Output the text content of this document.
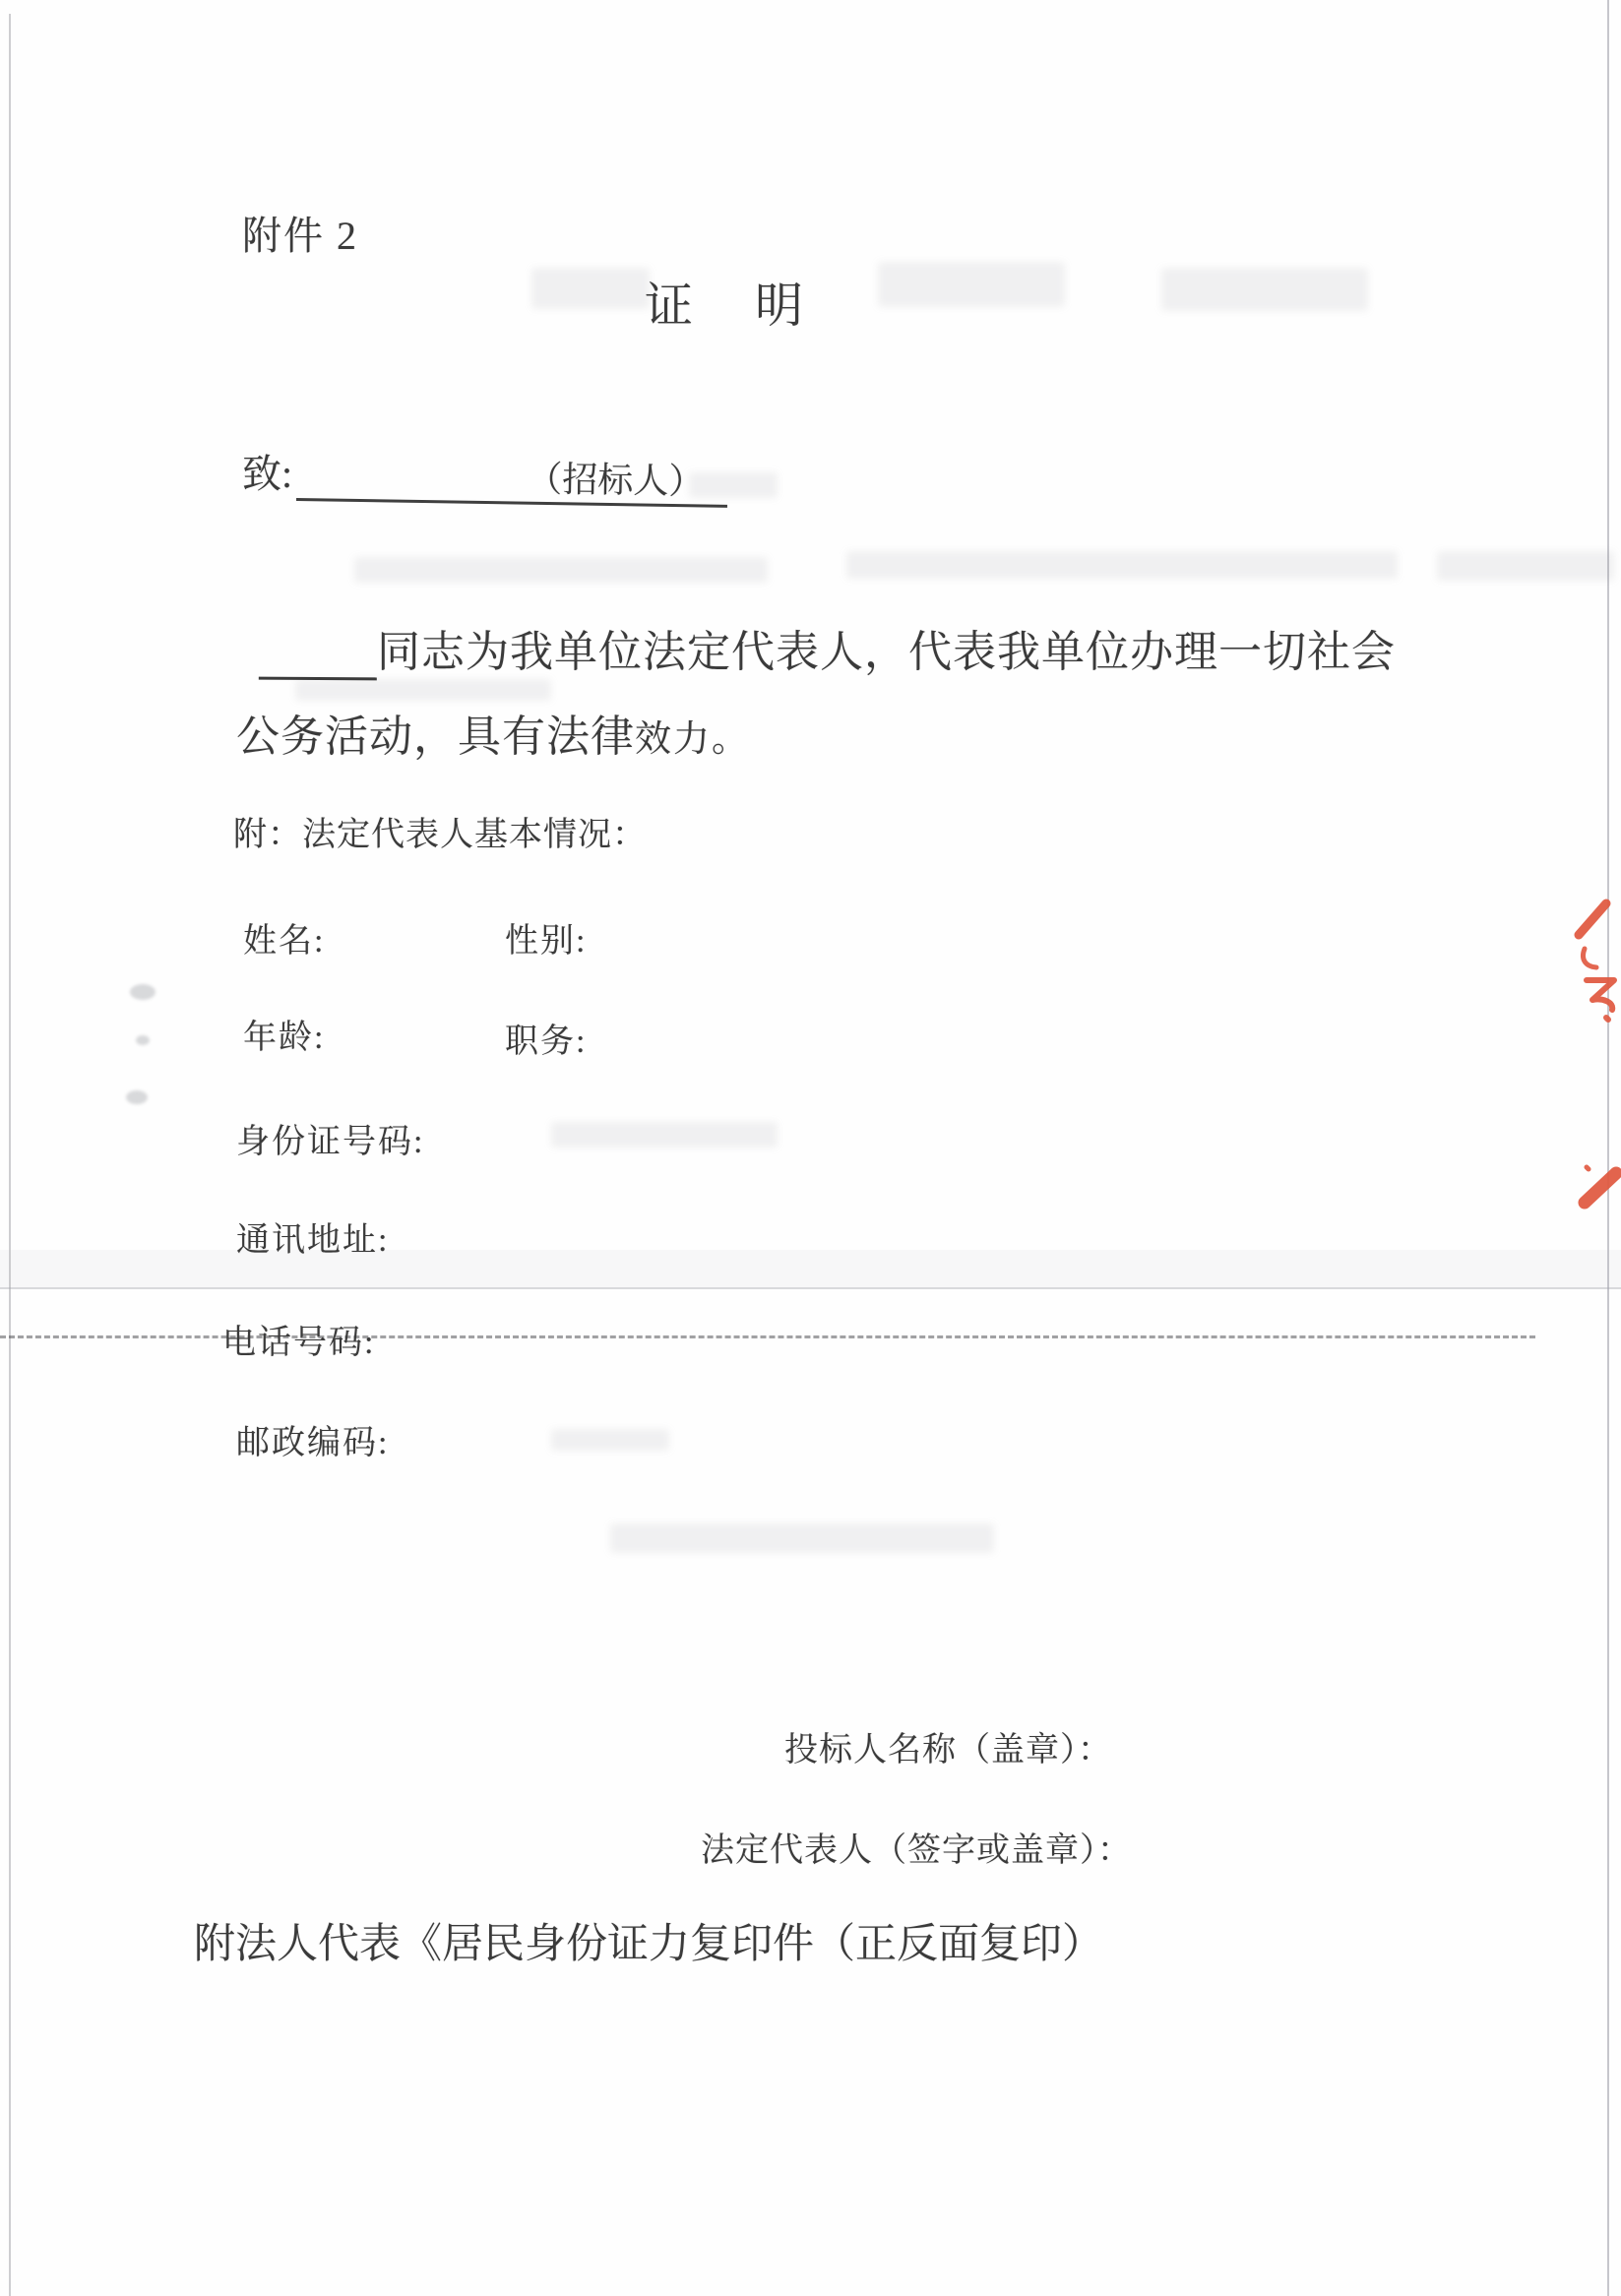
附件 2
证 明
致:	（招标人）
同志为我单位法定代表人，代表我单位办理一切社会
公务活动，具有法律效力。
附：法定代表人基本情况：
姓名:	性别:
年龄:	职务:
身份证号码:
通讯地址:
电话号码:
邮政编码:
投标人名称（盖章）：
法定代表人（签字或盖章）：
附法人代表《居民身份证力复印件（正反面复印）
